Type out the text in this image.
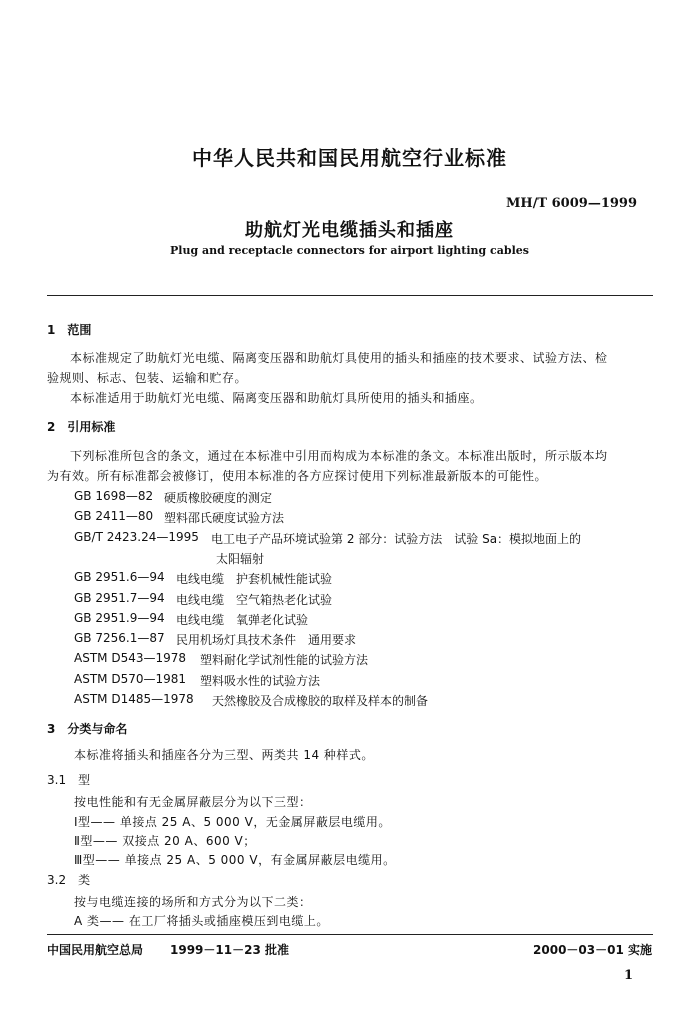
中华人民共和国民用航空行业标准
MH/T 6009—1999
助航灯光电缆插头和插座
Plug and receptacle connectors for airport lighting cables
1　范围
本标准规定了助航灯光电缆、隔离变压器和助航灯具使用的插头和插座的技术要求、试验方法、检
验规则、标志、包装、运输和贮存。
本标准适用于助航灯光电缆、隔离变压器和助航灯具所使用的插头和插座。
2　引用标准
下列标准所包含的条文，通过在本标准中引用而构成为本标准的条文。本标准出版时，所示版本均
为有效。所有标准都会被修订，使用本标准的各方应探讨使用下列标准最新版本的可能性。
GB 1698—82 硬质橡胶硬度的测定
GB 2411—80 塑料邵氏硬度试验方法
GB/T 2423.24—1995 电工电子产品环境试验第 2 部分：试验方法　试验 Sa：模拟地面上的
太阳辐射
GB 2951.6—94 电线电缆　护套机械性能试验
GB 2951.7—94 电线电缆　空气箱热老化试验
GB 2951.9—94 电线电缆　氧弹老化试验
GB 7256.1—87 民用机场灯具技术条件　通用要求
ASTM D543—1978 塑料耐化学试剂性能的试验方法
ASTM D570—1981 塑料吸水性的试验方法
ASTM D1485—1978 天然橡胶及合成橡胶的取样及样本的制备
3　分类与命名
本标准将插头和插座各分为三型、两类共 14 种样式。
3.1　型
按电性能和有无金属屏蔽层分为以下三型：
Ⅰ型—— 单接点 25 A、5 000 V，无金属屏蔽层电缆用。
Ⅱ型—— 双接点 20 A、600 V；
Ⅲ型—— 单接点 25 A、5 000 V，有金属屏蔽层电缆用。
3.2　类
按与电缆连接的场所和方式分为以下二类：
A 类—— 在工厂将插头或插座模压到电缆上。
中国民用航空总局 1999－11－23 批准	2000－03－01 实施
1
